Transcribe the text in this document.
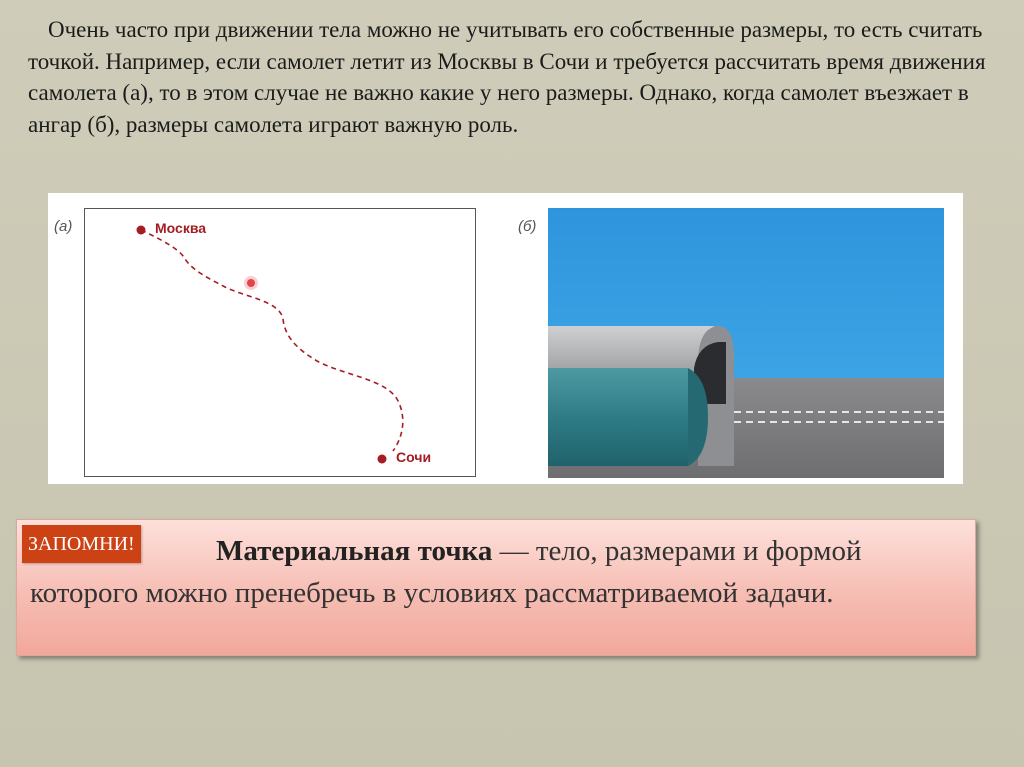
Очень часто при движении тела можно не учитывать его собственные размеры, то есть считать точкой. Например, если самолет летит из Москвы в Сочи и требуется рассчитать время движения самолета (а), то в этом случае не важно какие у него размеры. Однако, когда самолет въезжает в ангар (б), размеры самолета играют важную роль.

(а)	Москва
Сочи
(б)
ЗАПОМНИ!	Материальная точка — тело, размерами и формой которого можно пренебречь в условиях рассматриваемой задачи.
